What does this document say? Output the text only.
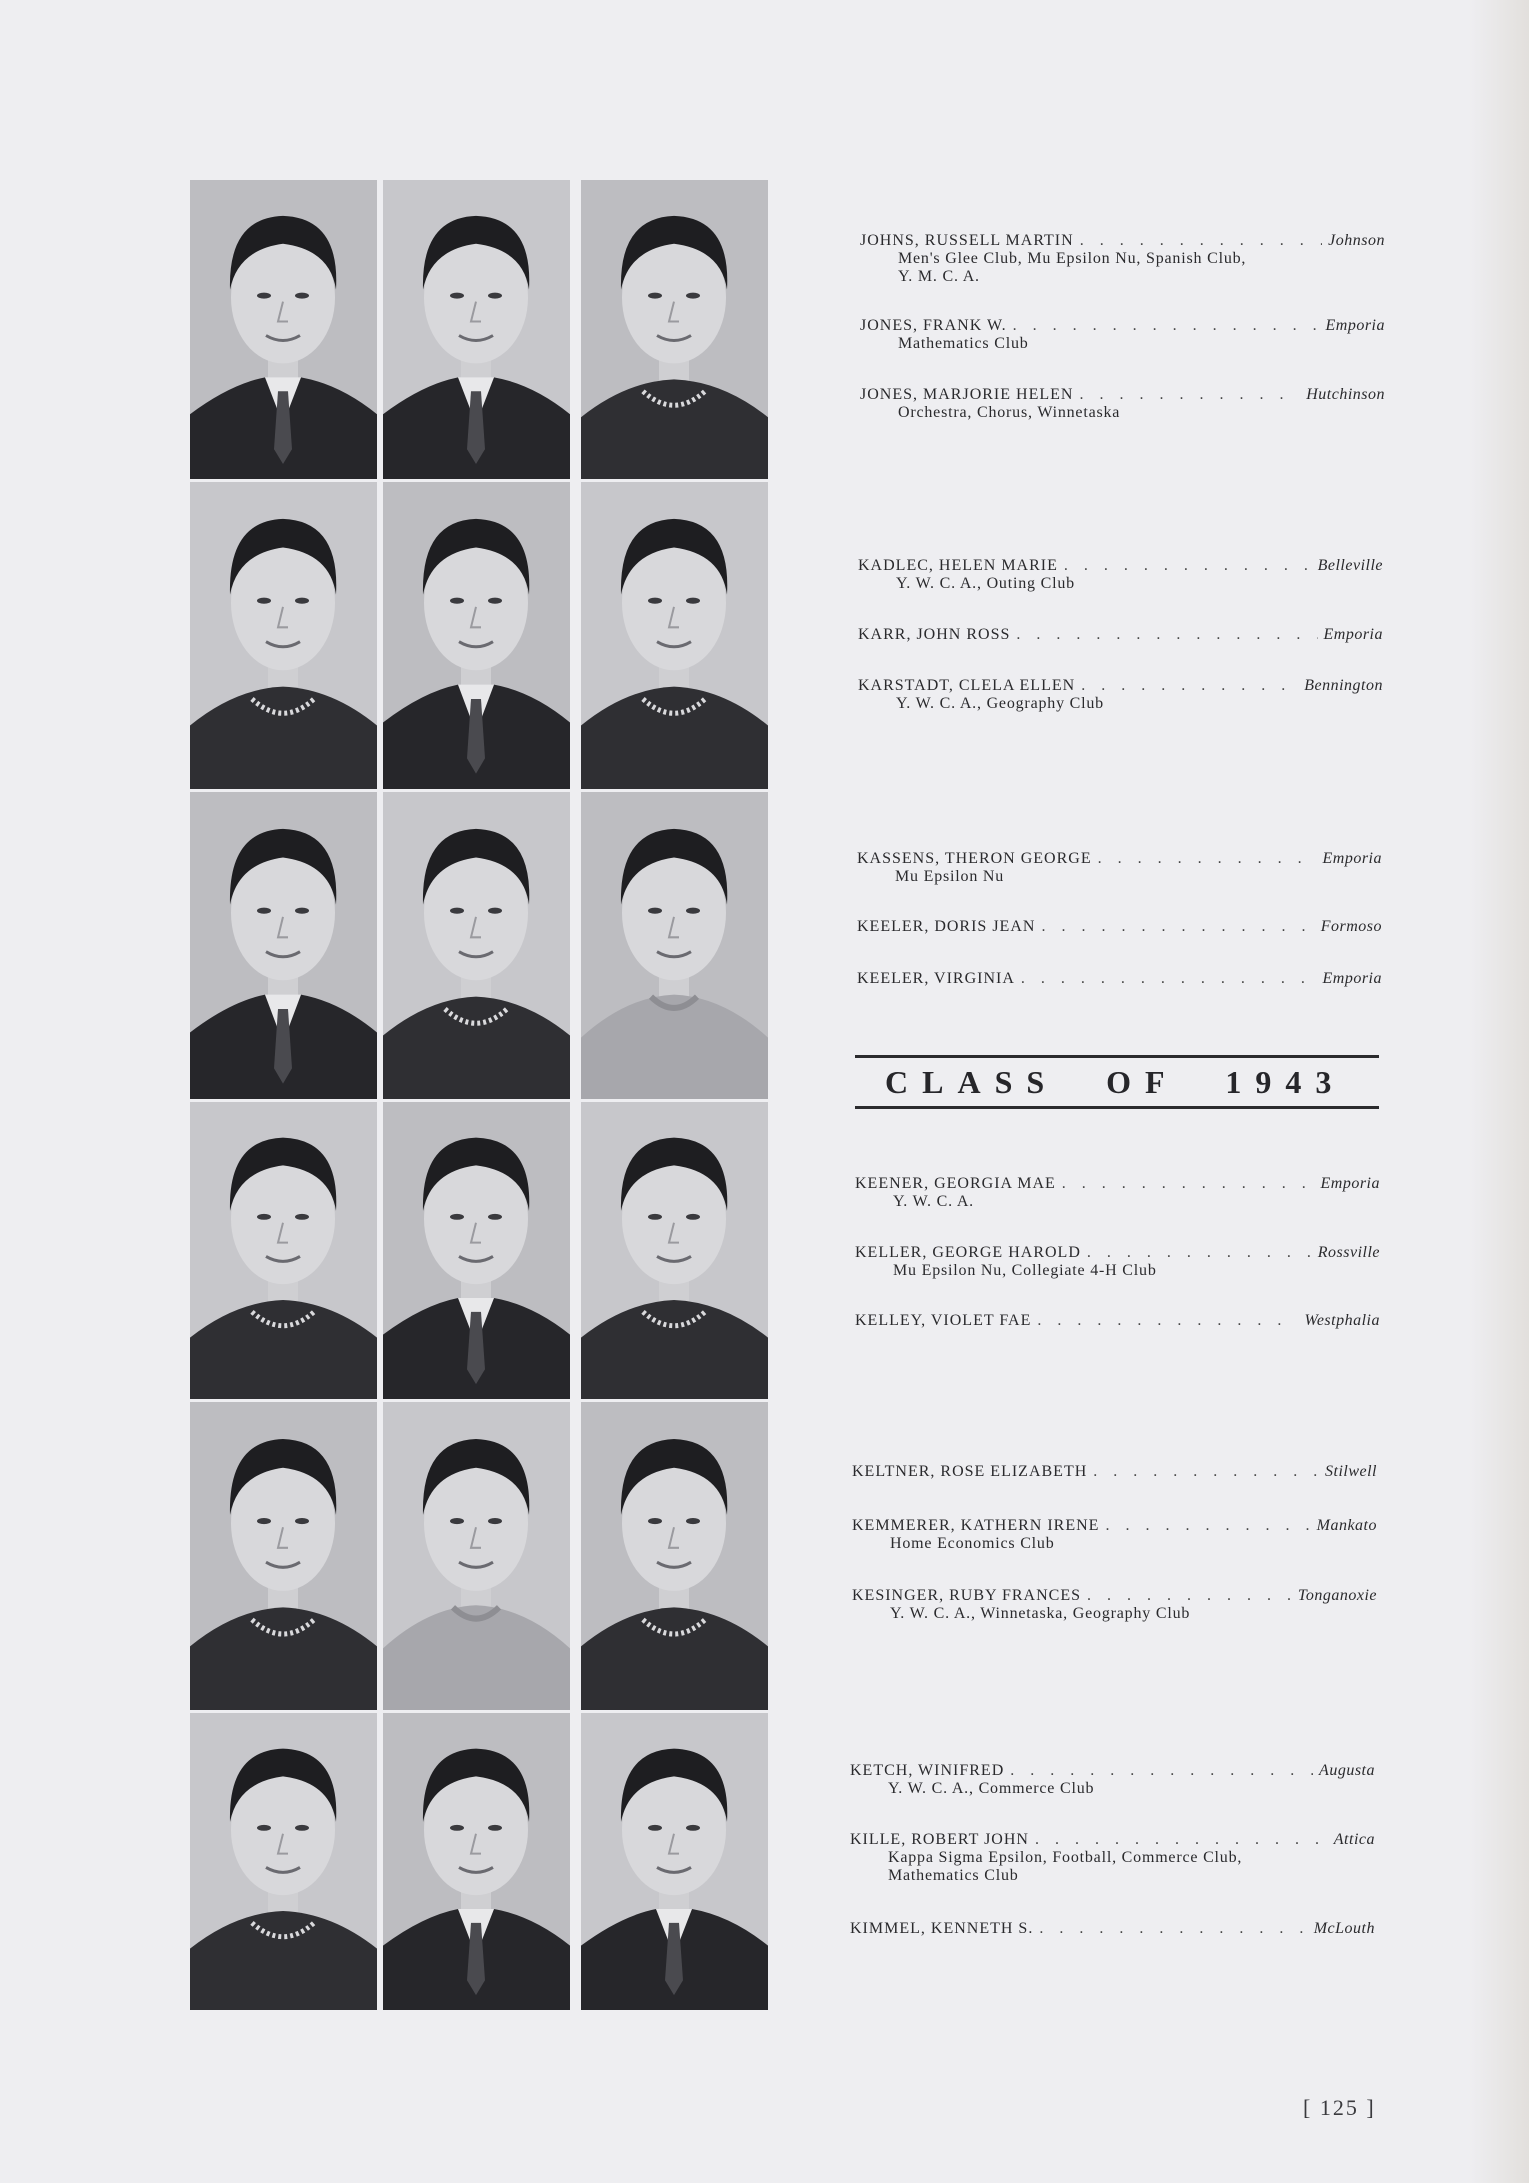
JOHNS, RUSSELL MARTIN . . .	Johnson
Men's Glee Club, Mu Epsilon Nu, Spanish Club,
Y. M. C. A.
JONES, FRANK W. . . .	Emporia
Mathematics Club
JONES, MARJORIE HELEN . . .	Hutchinson
Orchestra, Chorus, Winnetaska
KADLEC, HELEN MARIE . . .	Belleville
Y. W. C. A., Outing Club
KARR, JOHN ROSS . . .	Emporia
KARSTADT, CLELA ELLEN . . .	Bennington
Y. W. C. A., Geography Club
KASSENS, THERON GEORGE . . .	Emporia
Mu Epsilon Nu
KEELER, DORIS JEAN . . .	Formoso
KEELER, VIRGINIA . . .	Emporia
KEENER, GEORGIA MAE . . .	Emporia
Y. W. C. A.
KELLER, GEORGE HAROLD . . .	Rossville
Mu Epsilon Nu, Collegiate 4-H Club
KELLEY, VIOLET FAE . . .	Westphalia
KELTNER, ROSE ELIZABETH . . .	Stilwell
KEMMERER, KATHERN IRENE . . .	Mankato
Home Economics Club
KESINGER, RUBY FRANCES . . .	Tonganoxie
Y. W. C. A., Winnetaska, Geography Club
KETCH, WINIFRED . . .	Augusta
Y. W. C. A., Commerce Club
KILLE, ROBERT JOHN . . .	Attica
Kappa Sigma Epsilon, Football, Commerce Club,
Mathematics Club
KIMMEL, KENNETH S. . . .	McLouth
CLASS OF 1943
[ 125 ]
